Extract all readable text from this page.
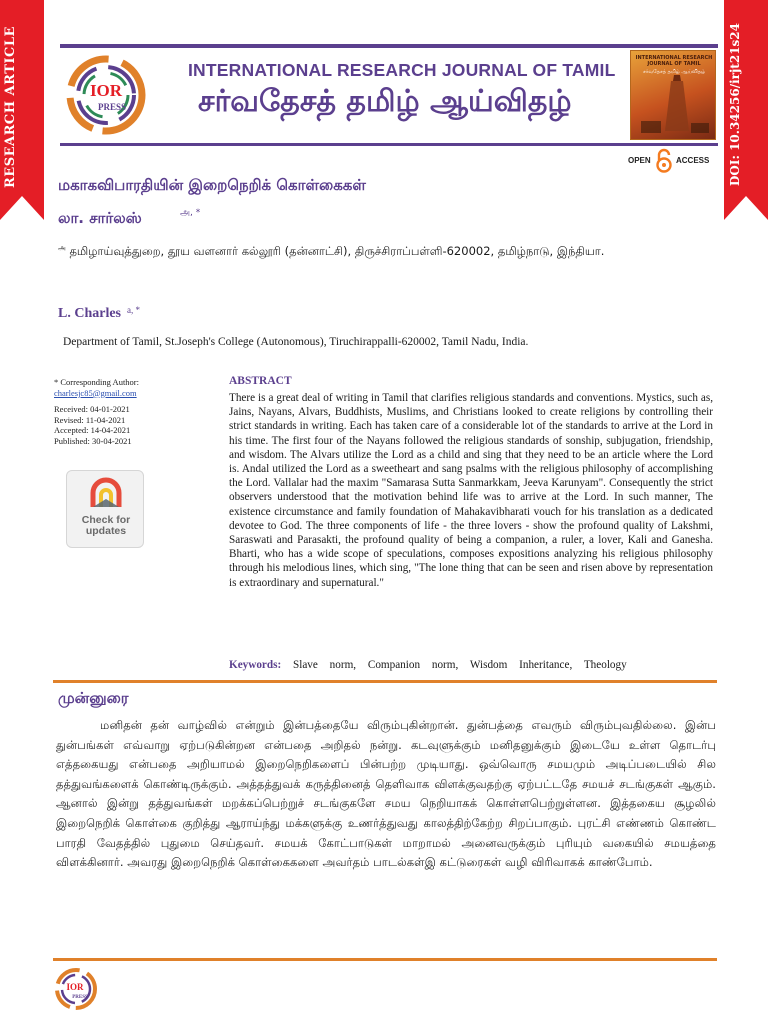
RESEARCH ARTICLE	DOI: 10.34256/irjt21s24
IOR
PRESS
INTERNATIONAL RESEARCH JOURNAL OF TAMIL
சர்வதேசத் தமிழ் ஆய்விதழ்
INTERNATIONAL RESEARCH JOURNAL OF TAMIL
சர்வதேசத் தமிழ் ஆய்விதழ்
OPEN	ACCESS
மகாகவிபாரதியின் இறைநெறிக் கொள்கைகள்
லா. சார்லஸ்	அ, *
$^அ$ தமிழாய்வுத்துறை, தூய வளனார் கல்லூரி (தன்னாட்சி), திருச்சிராப்பள்ளி-620002, தமிழ்நாடு, இந்தியா.
L. Charles a, *
Department of Tamil, St.Joseph's College (Autonomous), Tiruchirappalli-620002, Tamil Nadu, India.
* Corresponding Author:
charlesjc85@gmail.com
Received: 04-01-2021
Revised: 11-04-2021
Accepted: 14-04-2021
Published: 30-04-2021
Check for
updates
ABSTRACT
There is a great deal of writing in Tamil that clarifies religious standards and conventions. Mystics, such as, Jains, Nayans, Alvars, Buddhists, Muslims, and Christians looked to create religions by controlling their strict standards in writing. Each has taken care of a considerable lot of the standards to arrive at the Lord in his time. The first four of the Nayans followed the religious standards of sonship, subjugation, friendship, and wisdom. The Alvars utilize the Lord as a child and sing that they need to be an article where the Lord is. Andal utilized the Lord as a sweetheart and sang psalms with the religious philosophy of accomplishing the Lord. Vallalar had the maxim "Samarasa Sutta Sanmarkkam, Jeeva Karunyam". Consequently the strict observers understood that the motivation behind life was to arrive at the Lord. In such manner, The existence circumstance and family foundation of Mahakavibharati vouch for his translation as a dedicated devotee to God. The three components of life - the three lovers - show the profound quality of Lakshmi, Saraswati and Parasakti, the profound quality of being a companion, a ruler, a lover, Kali and Ganesha. Bharti, who has a wide scope of speculations, composes expositions analyzing his religious philosophy through his melodious lines, which sing, "The lone thing that can be seen and risen above by representation is extraordinary and supernatural."
Keywords: Slave norm, Companion norm, Wisdom Inheritance, Theology
முன்னுரை
மனிதன் தன் வாழ்வில் என்றும் இன்பத்தையே விரும்புகின்றான். துன்பத்தை எவரும் விரும்புவதில்லை. இன்ப துன்பங்கள் எவ்வாறு ஏற்படுகின்றன என்பதை அறிதல் நன்று. கடவுளுக்கும் மனிதனுக்கும் இடையே உள்ள தொடர்பு எத்தகையது என்பதை அறியாமல் இறைநெறிகளைப் பின்பற்ற முடியாது. ஒவ்வொரு சமயமும் அடிப்படையில் சில தத்துவங்களைக் கொண்டிருக்கும். அத்தத்துவக் கருத்தினைத் தெளிவாக விளக்குவதற்கு ஏற்பட்டதே சமயச் சடங்குகள் ஆகும். ஆனால் இன்று தத்துவங்கள் மறக்கப்பெற்றுச் சடங்குகளே சமய நெறியாகக் கொள்ளபெற்றுள்ளன. இத்தகைய சூழலில் இறைநெறிக் கொள்கை குறித்து ஆராய்ந்து மக்களுக்கு உணர்த்துவது காலத்திற்கேற்ற சிறப்பாகும். புரட்சி எண்ணம் கொண்ட பாரதி வேதத்தில் புதுமை செய்தவர். சமயக் கோட்பாடுகள் மாறாமல் அனைவருக்கும் புரியும் வகையில் சமயத்தை விளக்கினார். அவரது இறைநெறிக் கொள்கைகளை அவர்தம் பாடல்கள்இ கட்டுரைகள் வழி விரிவாகக் காண்போம்.
IOR
PRESS
